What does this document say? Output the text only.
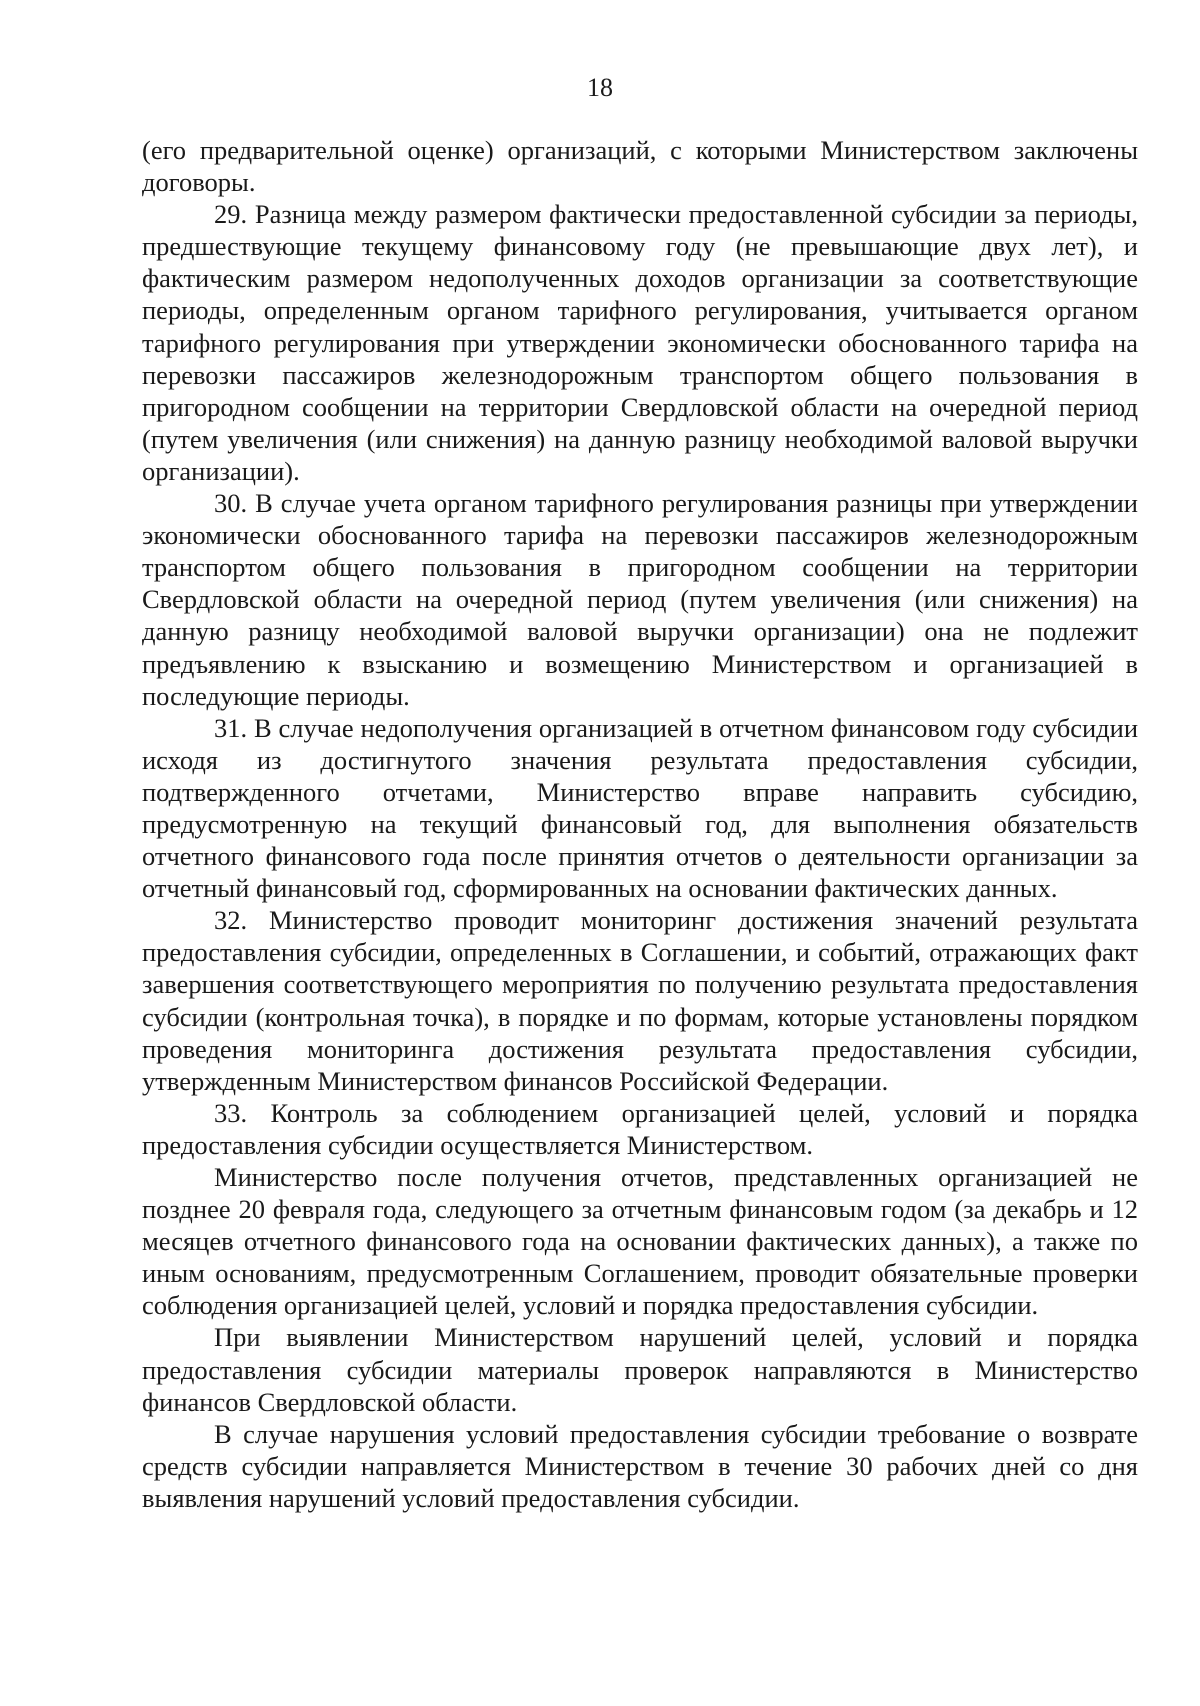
18

(его предварительной оценке) организаций, с которыми Министерством заключены договоры.

29. Разница между размером фактически предоставленной субсидии за периоды, предшествующие текущему финансовому году (не превышающие двух лет), и фактическим размером недополученных доходов организации за соответствующие периоды, определенным органом тарифного регулирования, учитывается органом тарифного регулирования при утверждении экономически обоснованного тарифа на перевозки пассажиров железнодорожным транспортом общего пользования в пригородном сообщении на территории Свердловской области на очередной период (путем увеличения (или снижения) на данную разницу необходимой валовой выручки организации).

30. В случае учета органом тарифного регулирования разницы при утверждении экономически обоснованного тарифа на перевозки пассажиров железнодорожным транспортом общего пользования в пригородном сообщении на территории Свердловской области на очередной период (путем увеличения (или снижения) на данную разницу необходимой валовой выручки организации) она не подлежит предъявлению к взысканию и возмещению Министерством и организацией в последующие периоды.

31. В случае недополучения организацией в отчетном финансовом году субсидии исходя из достигнутого значения результата предоставления субсидии, подтвержденного отчетами, Министерство вправе направить субсидию, предусмотренную на текущий финансовый год, для выполнения обязательств отчетного финансового года после принятия отчетов о деятельности организации за отчетный финансовый год, сформированных на основании фактических данных.

32. Министерство проводит мониторинг достижения значений результата предоставления субсидии, определенных в Соглашении, и событий, отражающих факт завершения соответствующего мероприятия по получению результата предоставления субсидии (контрольная точка), в порядке и по формам, которые установлены порядком проведения мониторинга достижения результата предоставления субсидии, утвержденным Министерством финансов Российской Федерации.

33. Контроль за соблюдением организацией целей, условий и порядка предоставления субсидии осуществляется Министерством.

Министерство после получения отчетов, представленных организацией не позднее 20 февраля года, следующего за отчетным финансовым годом (за декабрь и 12 месяцев отчетного финансового года на основании фактических данных), а также по иным основаниям, предусмотренным Соглашением, проводит обязательные проверки соблюдения организацией целей, условий и порядка предоставления субсидии.

При выявлении Министерством нарушений целей, условий и порядка предоставления субсидии материалы проверок направляются в Министерство финансов Свердловской области.

В случае нарушения условий предоставления субсидии требование о возврате средств субсидии направляется Министерством в течение 30 рабочих дней со дня выявления нарушений условий предоставления субсидии.
